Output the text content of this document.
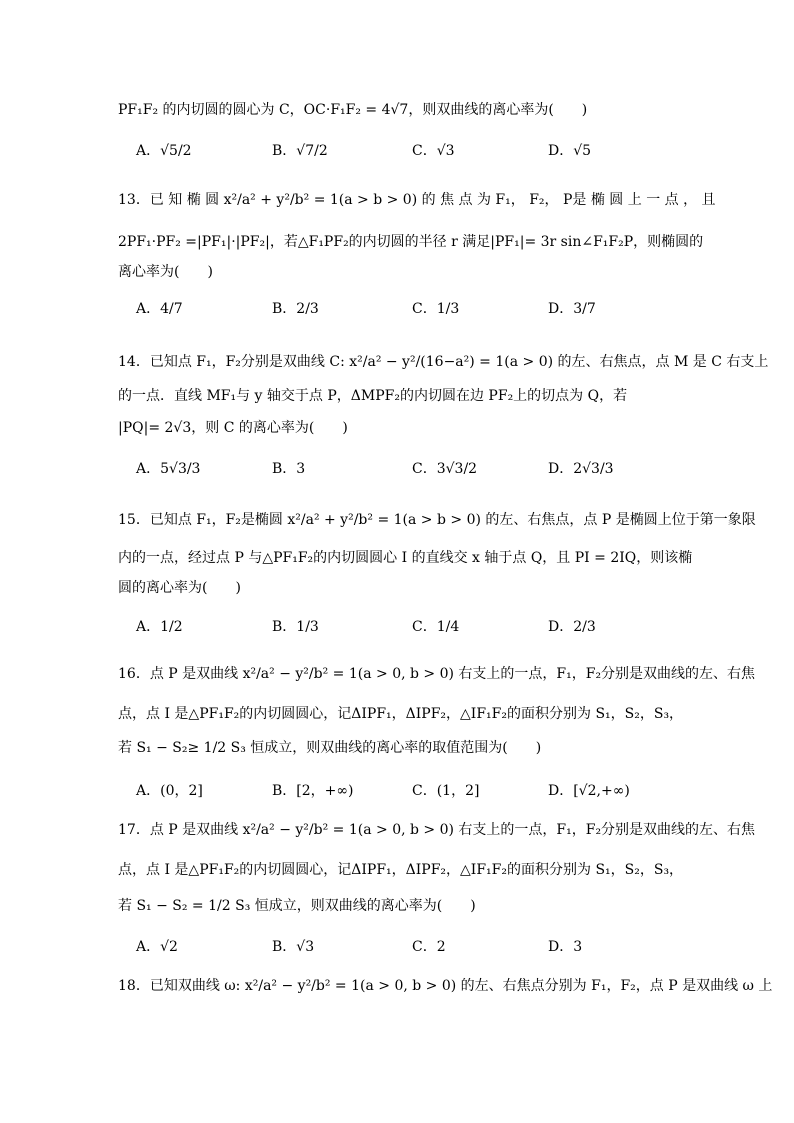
PF₁F₂ 的内切圆的圆心为 C，OC·F₁F₂ = 4√7，则双曲线的离心率为(　　)
A．√5/2	B．√7/2	C．√3	D．√5
13．已 知 椭 圆 x²/a² + y²/b² = 1(a > b > 0) 的 焦 点 为 F₁， F₂， P是 椭 圆 上 一 点 ， 且
2PF₁·PF₂ =|PF₁|·|PF₂|，若△F₁PF₂的内切圆的半径 r 满足|PF₁|= 3r sin∠F₁F₂P，则椭圆的
离心率为(　　)
A．4/7	B．2/3	C．1/3	D．3/7
14．已知点 F₁，F₂分别是双曲线 C: x²/a² − y²/(16−a²) = 1(a > 0) 的左、右焦点，点 M 是 C 右支上
的一点．直线 MF₁与 y 轴交于点 P，ΔMPF₂的内切圆在边 PF₂上的切点为 Q，若
|PQ|= 2√3，则 C 的离心率为(　　)
A．5√3/3	B．3	C．3√3/2	D．2√3/3
15．已知点 F₁，F₂是椭圆 x²/a² + y²/b² = 1(a > b > 0) 的左、右焦点，点 P 是椭圆上位于第一象限
内的一点，经过点 P 与△PF₁F₂的内切圆圆心 I 的直线交 x 轴于点 Q，且 PI = 2IQ，则该椭
圆的离心率为(　　)
A．1/2	B．1/3	C．1/4	D．2/3
16．点 P 是双曲线 x²/a² − y²/b² = 1(a > 0, b > 0) 右支上的一点，F₁，F₂分别是双曲线的左、右焦
点，点 I 是△PF₁F₂的内切圆圆心，记ΔIPF₁，ΔIPF₂，△IF₁F₂的面积分别为 S₁，S₂，S₃，
若 S₁ − S₂≥ 1/2 S₃ 恒成立，则双曲线的离心率的取值范围为(　　)
A．(0，2]	B．[2，+∞)	C．(1，2]	D．[√2,+∞)
17．点 P 是双曲线 x²/a² − y²/b² = 1(a > 0, b > 0) 右支上的一点，F₁，F₂分别是双曲线的左、右焦
点，点 I 是△PF₁F₂的内切圆圆心，记ΔIPF₁，ΔIPF₂，△IF₁F₂的面积分别为 S₁，S₂，S₃，
若 S₁ − S₂ = 1/2 S₃ 恒成立，则双曲线的离心率为(　　)
A．√2	B．√3	C．2	D．3
18．已知双曲线 ω: x²/a² − y²/b² = 1(a > 0, b > 0) 的左、右焦点分别为 F₁，F₂，点 P 是双曲线 ω 上
